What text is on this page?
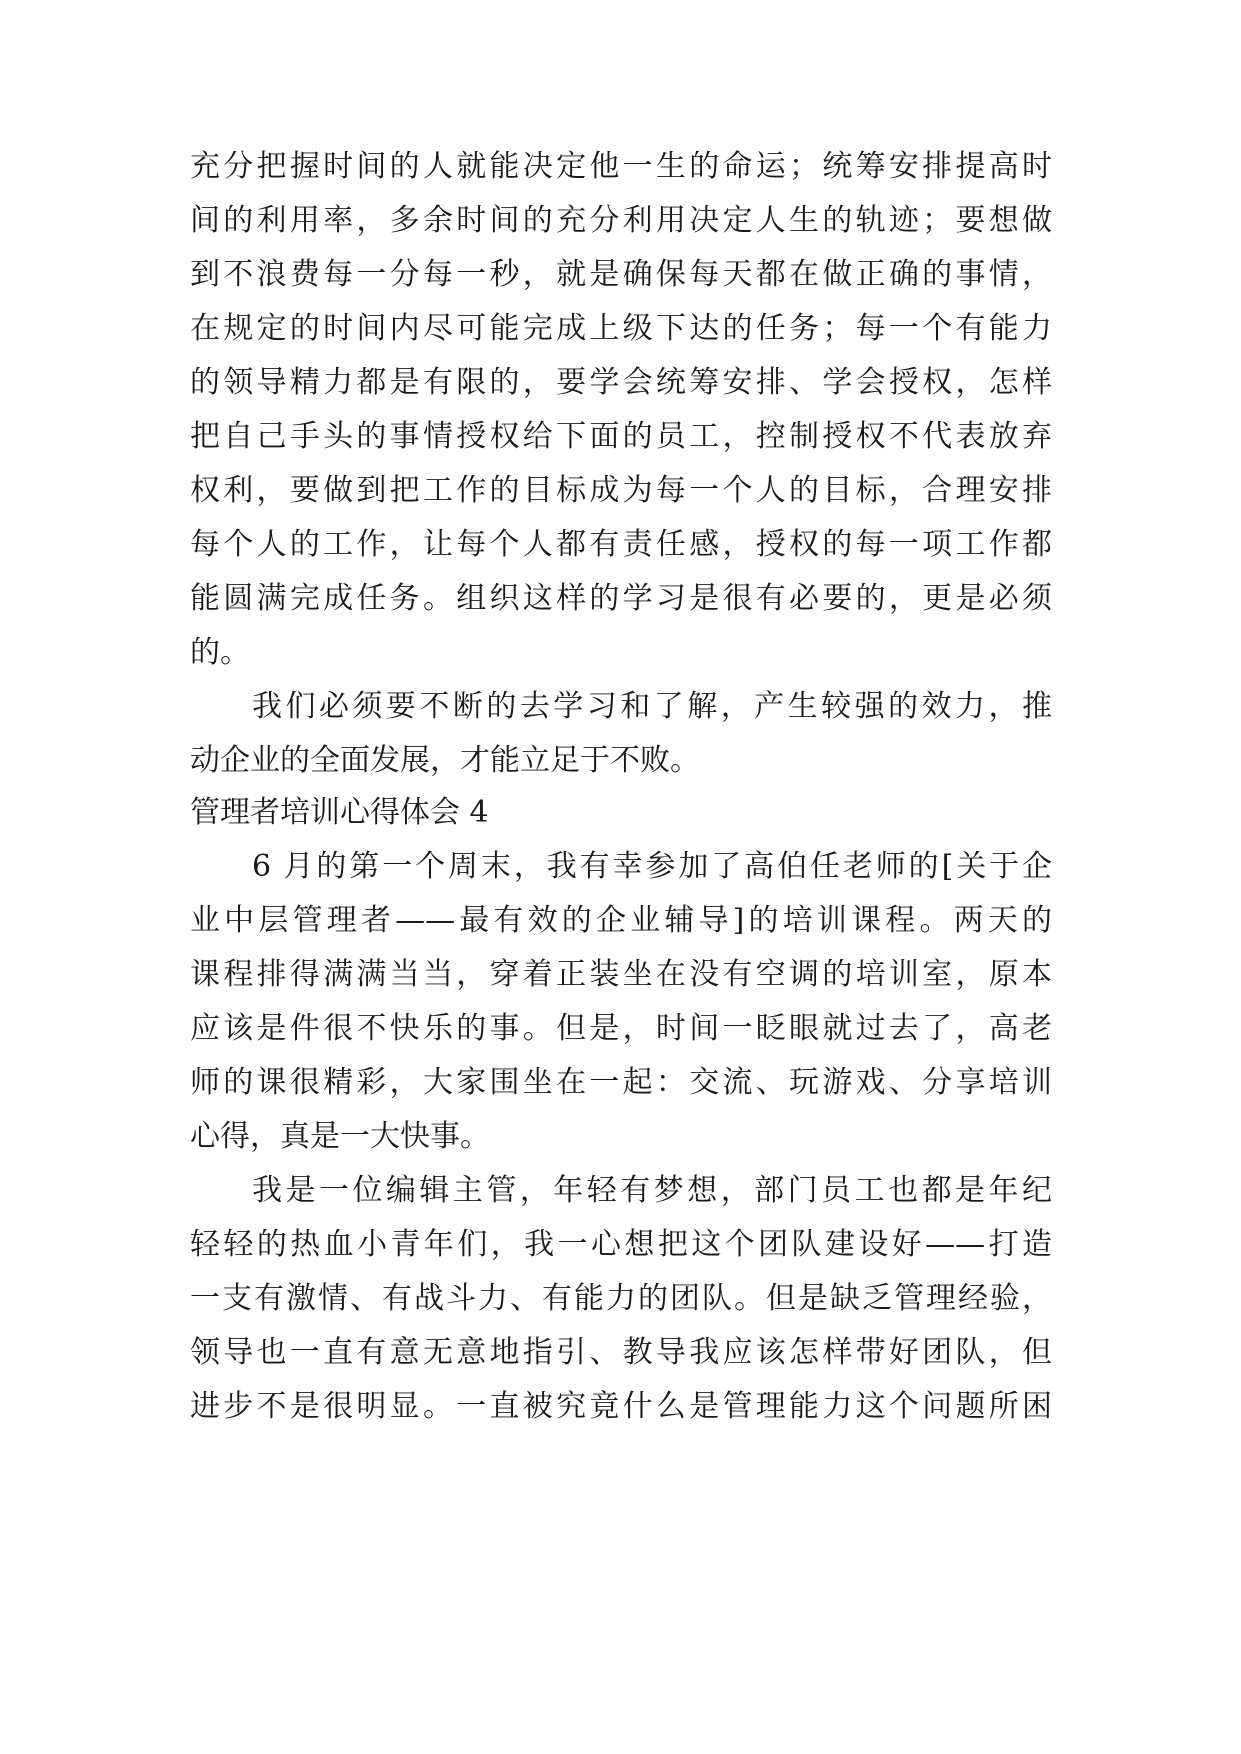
充分把握时间的人就能决定他一生的命运；统筹安排提高时
间的利用率，多余时间的充分利用决定人生的轨迹；要想做
到不浪费每一分每一秒，就是确保每天都在做正确的事情，
在规定的时间内尽可能完成上级下达的任务；每一个有能力
的领导精力都是有限的，要学会统筹安排、学会授权，怎样
把自己手头的事情授权给下面的员工，控制授权不代表放弃
权利，要做到把工作的目标成为每一个人的目标，合理安排
每个人的工作，让每个人都有责任感，授权的每一项工作都
能圆满完成任务。组织这样的学习是很有必要的，更是必须
的。
我们必须要不断的去学习和了解，产生较强的效力，推
动企业的全面发展，才能立足于不败。
管理者培训心得体会 4
6 月的第一个周末，我有幸参加了高伯任老师的[关于企
业中层管理者——最有效的企业辅导]的培训课程。两天的
课程排得满满当当，穿着正装坐在没有空调的培训室，原本
应该是件很不快乐的事。但是，时间一眨眼就过去了，高老
师的课很精彩，大家围坐在一起：交流、玩游戏、分享培训
心得，真是一大快事。
我是一位编辑主管，年轻有梦想，部门员工也都是年纪
轻轻的热血小青年们，我一心想把这个团队建设好——打造
一支有激情、有战斗力、有能力的团队。但是缺乏管理经验，
领导也一直有意无意地指引、教导我应该怎样带好团队，但
进步不是很明显。一直被究竟什么是管理能力这个问题所困
